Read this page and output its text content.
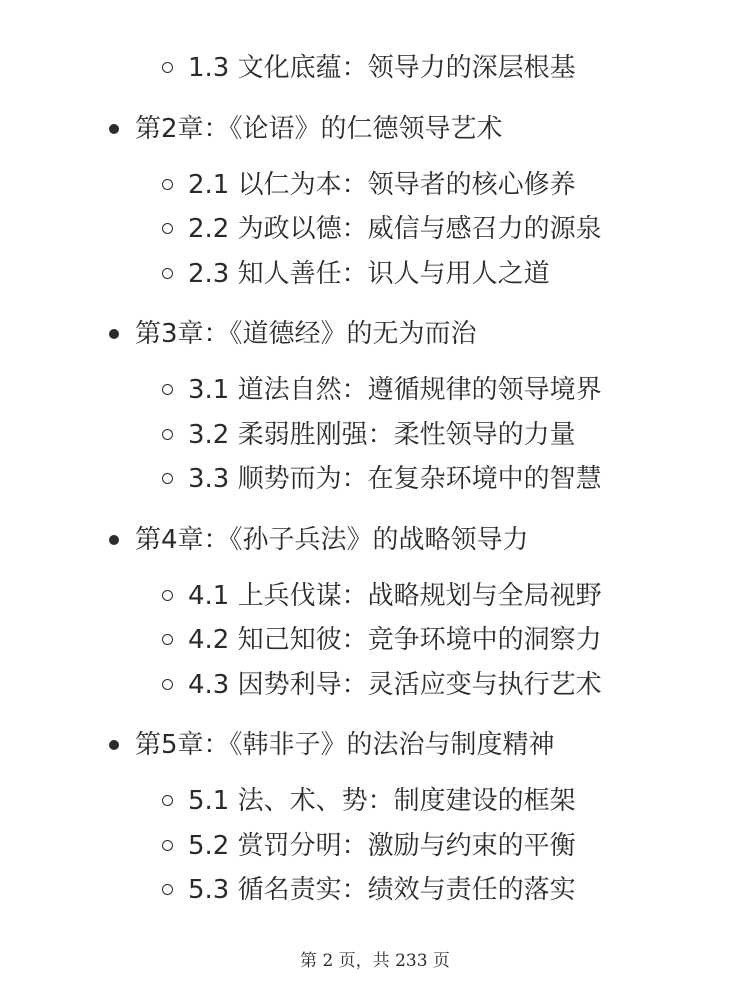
1.3 文化底蕴：领导力的深层根基
第2章：《论语》的仁德领导艺术
2.1 以仁为本：领导者的核心修养
2.2 为政以德：威信与感召力的源泉
2.3 知人善任：识人与用人之道
第3章：《道德经》的无为而治
3.1 道法自然：遵循规律的领导境界
3.2 柔弱胜刚强：柔性领导的力量
3.3 顺势而为：在复杂环境中的智慧
第4章：《孙子兵法》的战略领导力
4.1 上兵伐谋：战略规划与全局视野
4.2 知己知彼：竞争环境中的洞察力
4.3 因势利导：灵活应变与执行艺术
第5章：《韩非子》的法治与制度精神
5.1 法、术、势：制度建设的框架
5.2 赏罚分明：激励与约束的平衡
5.3 循名责实：绩效与责任的落实
第 2 页，共 233 页
